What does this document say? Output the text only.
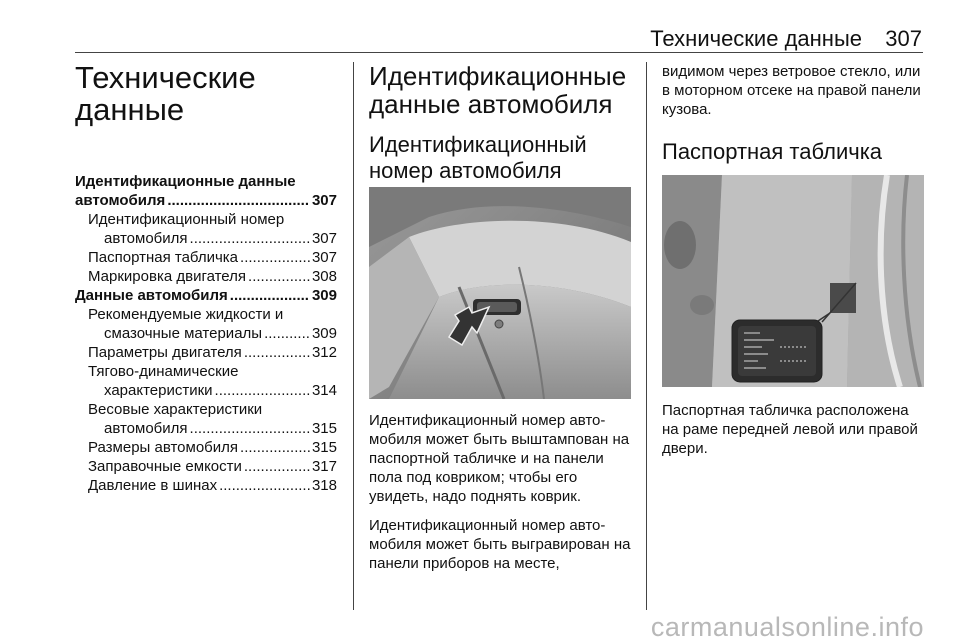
Технические данные 307
Технические
данные
Идентификационные данные
автомобиля .....	307
Идентификационный номер
автомобиля .....	307
Паспортная табличка .....	307
Маркировка двигателя .....	308
Данные автомобиля .....	309
Рекомендуемые жидкости и
смазочные материалы .....	309
Параметры двигателя .....	312
Тягово-динамические
характеристики .....	314
Весовые характеристики
автомобиля .....	315
Размеры автомобиля .....	315
Заправочные емкости .....	317
Давление в шинах .....	318
Идентификационные
данные автомобиля
Идентификационный
номер автомобиля

Идентификационный номер авто-мобиля может быть выштампован на паспортной табличке и на панели пола под ковриком; чтобы его увидеть, надо поднять коврик.

Идентификационный номер авто-мобиля может быть выгравирован на панели приборов на месте,

видимом через ветровое стекло, или в моторном отсеке на правой панели кузова.

Паспортная табличка

Паспортная табличка расположена на раме передней левой или правой двери.

carmanualsonline.info
